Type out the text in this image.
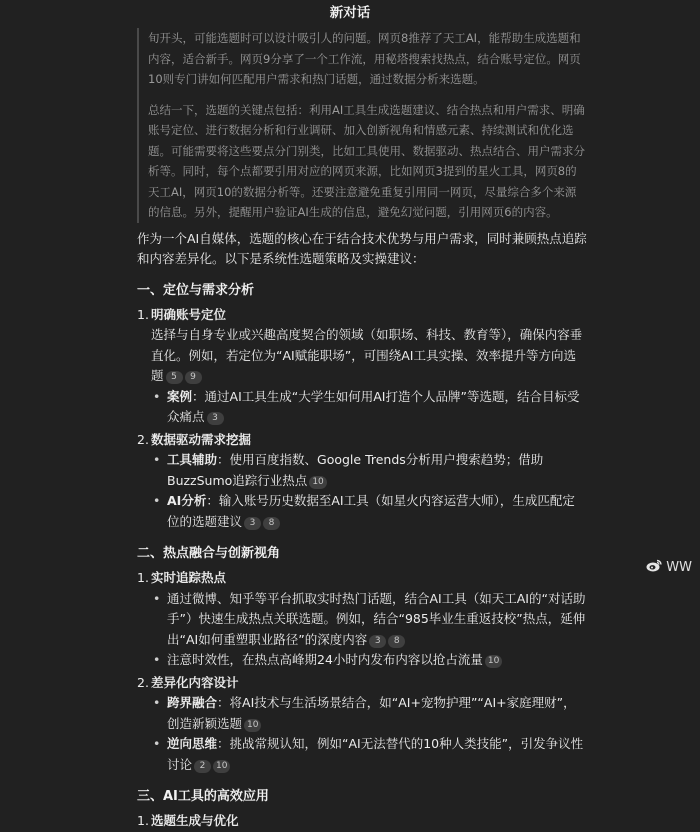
新对话

旬开头，可能选题时可以设计吸引人的问题。网页8推荐了天工AI，能帮助生成选题和内容，适合新手。网页9分享了一个工作流，用秘塔搜索找热点，结合账号定位。网页10则专门讲如何匹配用户需求和热门话题，通过数据分析来选题。

总结一下，选题的关键点包括：利用AI工具生成选题建议、结合热点和用户需求、明确账号定位、进行数据分析和行业调研、加入创新视角和情感元素、持续测试和优化选题。可能需要将这些要点分门别类，比如工具使用、数据驱动、热点结合、用户需求分析等。同时，每个点都要引用对应的网页来源，比如网页3提到的星火工具，网页8的天工AI，网页10的数据分析等。还要注意避免重复引用同一网页，尽量综合多个来源的信息。另外，提醒用户验证AI生成的信息，避免幻觉问题，引用网页6的内容。

作为一个AI自媒体，选题的核心在于结合技术优势与用户需求，同时兼顾热点追踪和内容差异化。以下是系统性选题策略及实操建议：

一、定位与需求分析
1. 明确账号定位
选择与自身专业或兴趣高度契合的领域（如职场、科技、教育等），确保内容垂直化。例如，若定位为“AI赋能职场”，可围绕AI工具实操、效率提升等方向选题 5 9
• 案例：通过AI工具生成“大学生如何用AI打造个人品牌”等选题，结合目标受众痛点 3
2. 数据驱动需求挖掘
• 工具辅助：使用百度指数、Google Trends分析用户搜索趋势；借助BuzzSumo追踪行业热点 10
• AI分析：输入账号历史数据至AI工具（如星火内容运营大师），生成匹配定位的选题建议 3 8
二、热点融合与创新视角
1. 实时追踪热点
• 通过微博、知乎等平台抓取实时热门话题，结合AI工具（如天工AI的“对话助手”）快速生成热点关联选题。例如，结合“985毕业生重返技校”热点，延伸出“AI如何重塑职业路径”的深度内容 3 8
• 注意时效性，在热点高峰期24小时内发布内容以抢占流量 10
2. 差异化内容设计
• 跨界融合：将AI技术与生活场景结合，如“AI+宠物护理”“AI+家庭理财”，创造新颖选题 10
• 逆向思维：挑战常规认知，例如“AI无法替代的10种人类技能”，引发争议性讨论 2 10
三、AI工具的高效应用
1. 选题生成与优化
WW
